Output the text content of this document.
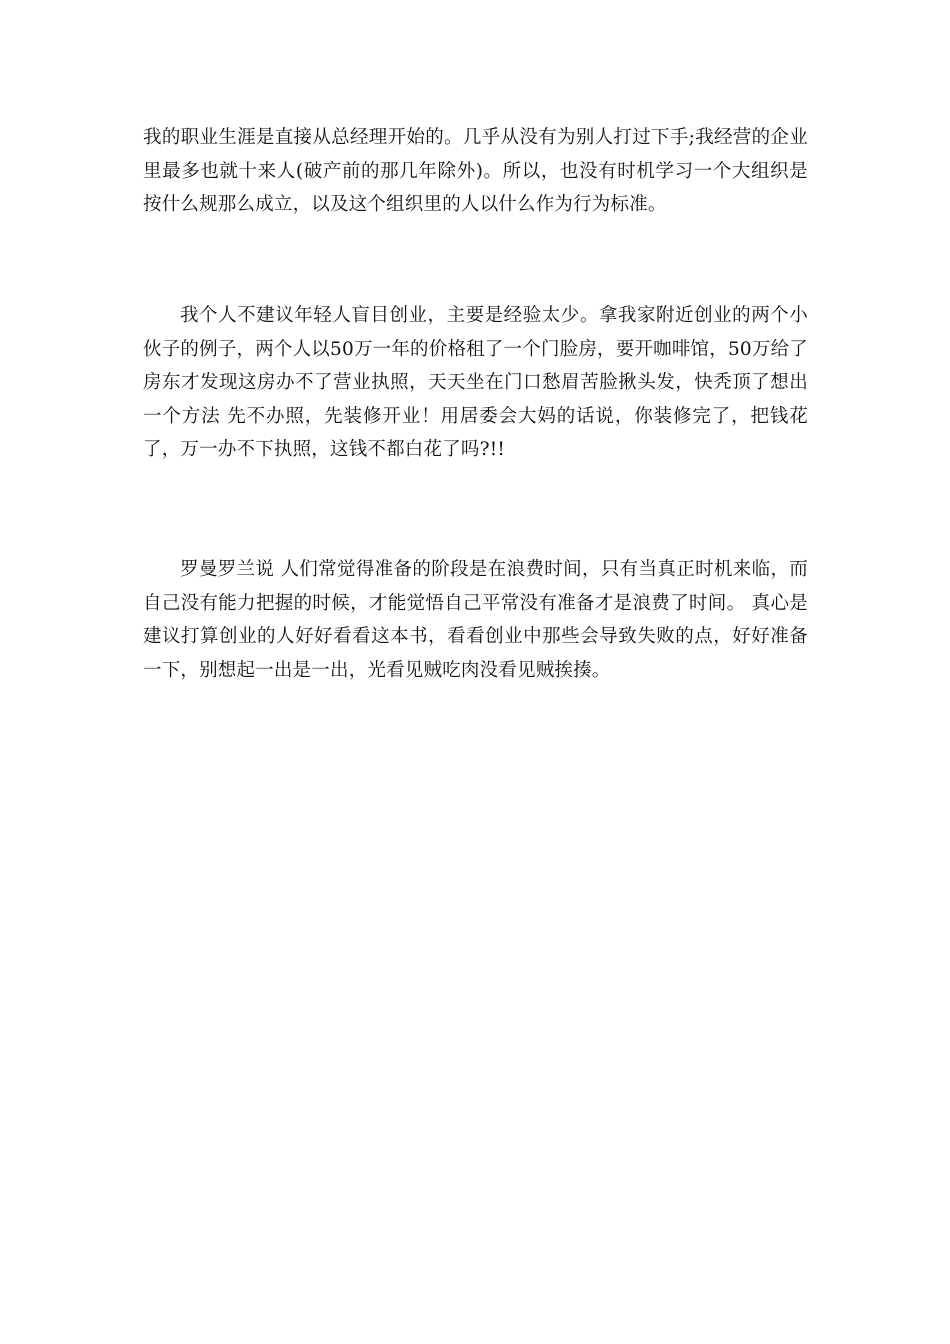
我的职业生涯是直接从总经理开始的。几乎从没有为别人打过下手;我经营的企业里最多也就十来人(破产前的那几年除外)。所以，也没有时机学习一个大组织是按什么规那么成立，以及这个组织里的人以什么作为行为标准。

我个人不建议年轻人盲目创业，主要是经验太少。拿我家附近创业的两个小伙子的例子，两个人以50万一年的价格租了一个门脸房，要开咖啡馆，50万给了房东才发现这房办不了营业执照，天天坐在门口愁眉苦脸揪头发，快秃顶了想出一个方法 先不办照，先装修开业！用居委会大妈的话说，你装修完了，把钱花了，万一办不下执照，这钱不都白花了吗?!!

罗曼罗兰说 人们常觉得准备的阶段是在浪费时间，只有当真正时机来临，而自己没有能力把握的时候，才能觉悟自己平常没有准备才是浪费了时间。 真心是建议打算创业的人好好看看这本书，看看创业中那些会导致失败的点，好好准备一下，别想起一出是一出，光看见贼吃肉没看见贼挨揍。
